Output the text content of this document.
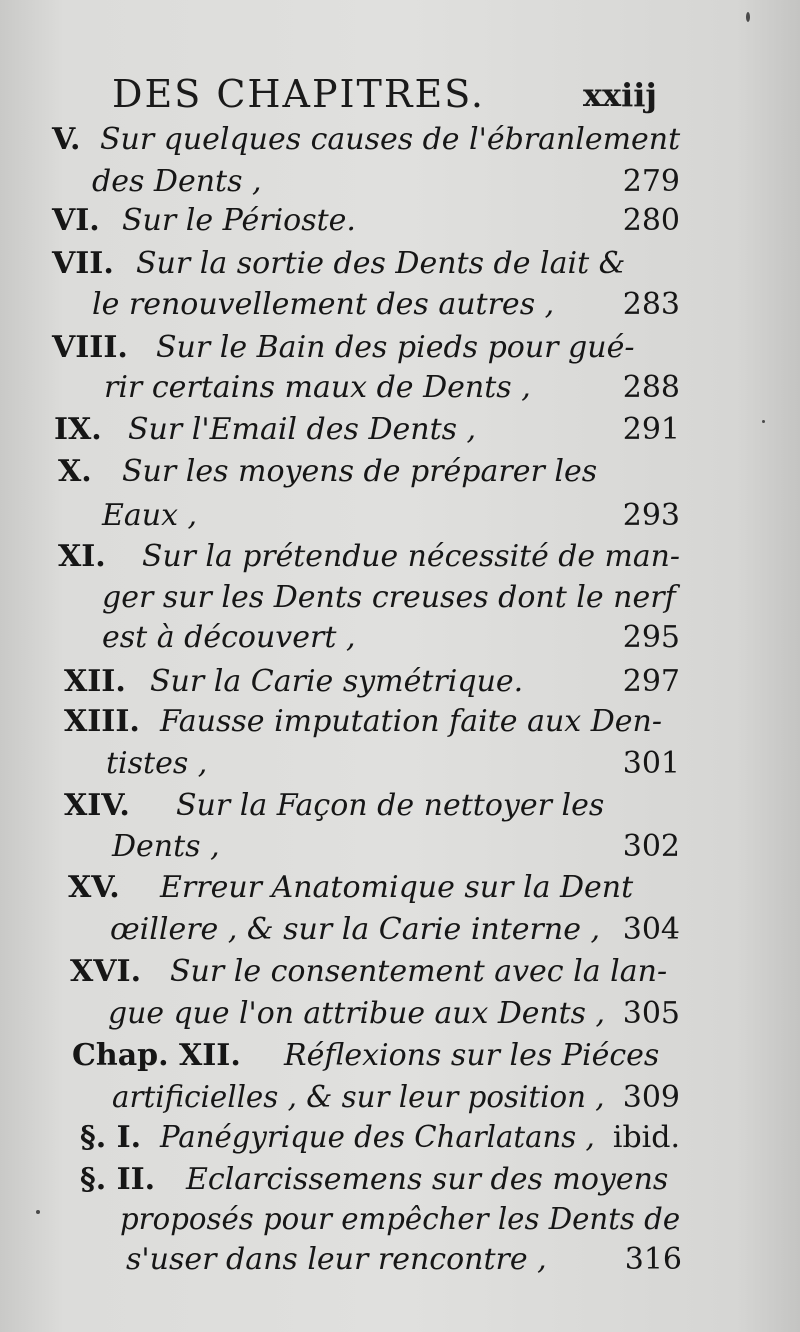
DES CHAPITRES.	xxiij
V. Sur quelques causes de l'ébranlement
des Dents ,	279
VI. Sur le Périoste.	280
VII. Sur la sortie des Dents de lait &
le renouvellement des autres , 283
VIII. Sur le Bain des pieds pour gué-
rir certains maux de Dents ,	288
IX. Sur l'Email des Dents ,	291
X. Sur les moyens de préparer les
Eaux ,	293
XI. Sur la prétendue nécessité de man-
ger sur les Dents creuses dont le nerf
est à découvert ,	295
XII. Sur la Carie symétrique.	297
XIII. Fausse imputation faite aux Den-
tistes ,	301
XIV. Sur la Façon de nettoyer les
Dents ,	302
XV. Erreur Anatomique sur la Dent
œillere , & sur la Carie interne , 304
XVI. Sur le consentement avec la lan-
gue que l'on attribue aux Dents , 305
Chap. XII. Réflexions sur les Piéces
artificielles , & sur leur position , 309
§. I. Panégyrique des Charlatans , ibid.
§. II. Eclarcissemens sur des moyens
proposés pour empêcher les Dents de
s'user dans leur rencontre ,	316
